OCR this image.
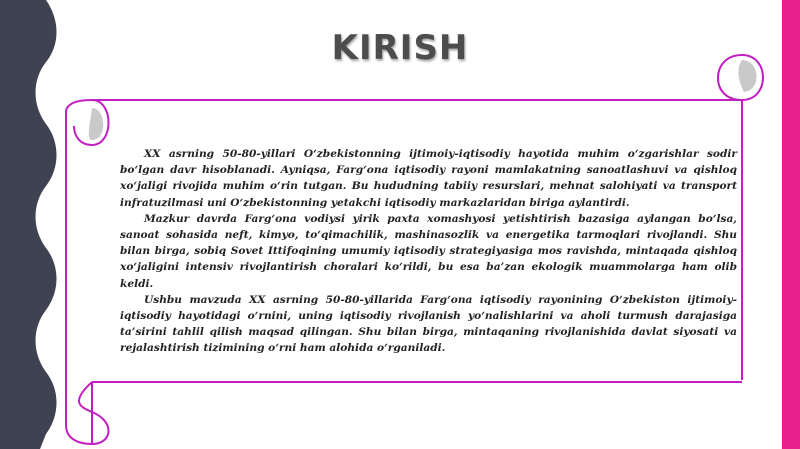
KIRISH

XX asrning 50-80-yillari O‘zbekistonning ijtimoiy-iqtisodiy hayotida muhim o‘zgarishlar sodir bo‘lgan davr hisoblanadi. Ayniqsa, Farg‘ona iqtisodiy rayoni mamlakatning sanoatlashuvi va qishloq xo‘jaligi rivojida muhim o‘rin tutgan. Bu hududning tabiiy resurslari, mehnat salohiyati va transport infratuzilmasi uni O‘zbekistonning yetakchi iqtisodiy markazlaridan biriga aylantirdi.

Mazkur davrda Farg‘ona vodiysi yirik paxta xomashyosi yetishtirish bazasiga aylangan bo‘lsa, sanoat sohasida neft, kimyo, to‘qimachilik, mashinasozlik va energetika tarmoqlari rivojlandi. Shu bilan birga, sobiq Sovet Ittifoqining umumiy iqtisodiy strategiyasiga mos ravishda, mintaqada qishloq xo‘jaligini intensiv rivojlantirish choralari ko‘rildi, bu esa ba’zan ekologik muammolarga ham olib keldi.

Ushbu mavzuda XX asrning 50-80-yillarida Farg‘ona iqtisodiy rayonining O‘zbekiston ijtimoiy-iqtisodiy hayotidagi o‘rnini, uning iqtisodiy rivojlanish yo‘nalishlarini va aholi turmush darajasiga ta’sirini tahlil qilish maqsad qilingan. Shu bilan birga, mintaqaning rivojlanishida davlat siyosati va rejalashtirish tizimining o‘rni ham alohida o‘rganiladi.
